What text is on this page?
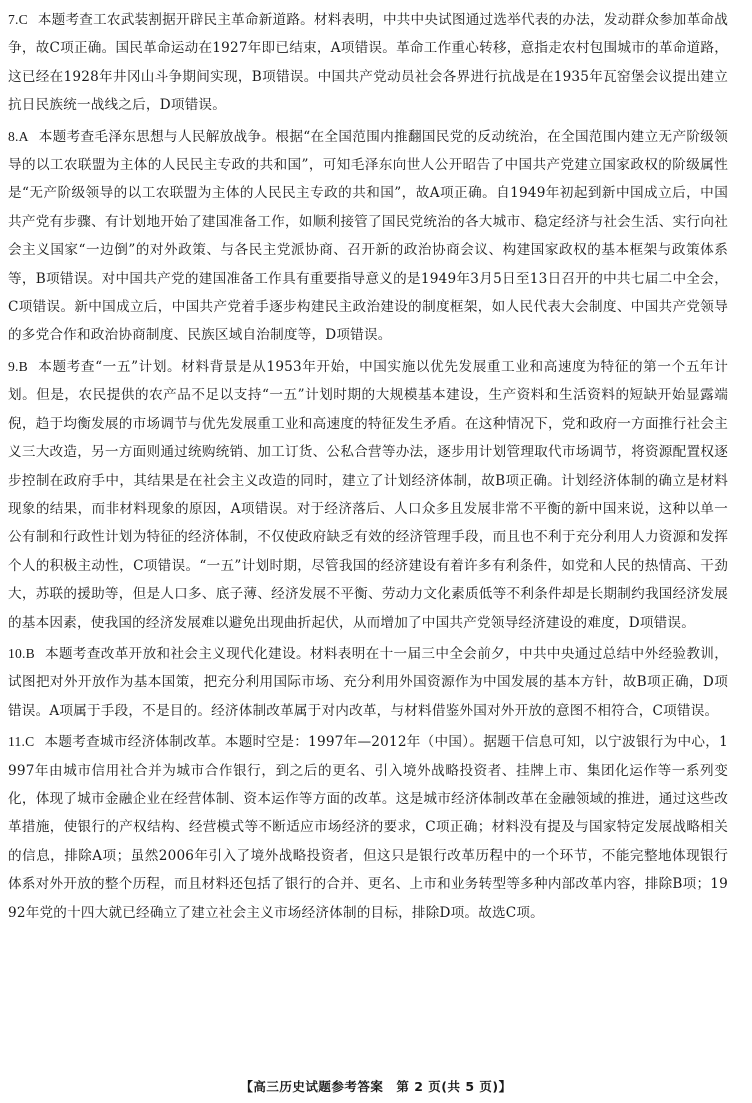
7.C 本题考查工农武装割据开辟民主革命新道路。材料表明，中共中央试图通过选举代表的办法，发动群众参加革命战争，故C项正确。国民革命运动在1927年即已结束，A项错误。革命工作重心转移，意指走农村包围城市的革命道路，这已经在1928年井冈山斗争期间实现，B项错误。中国共产党动员社会各界进行抗战是在1935年瓦窑堡会议提出建立抗日民族统一战线之后，D项错误。
8.A 本题考查毛泽东思想与人民解放战争。根据“在全国范围内推翻国民党的反动统治，在全国范围内建立无产阶级领导的以工农联盟为主体的人民民主专政的共和国”，可知毛泽东向世人公开昭告了中国共产党建立国家政权的阶级属性是“无产阶级领导的以工农联盟为主体的人民民主专政的共和国”，故A项正确。自1949年初起到新中国成立后，中国共产党有步骤、有计划地开始了建国准备工作，如顺利接管了国民党统治的各大城市、稳定经济与社会生活、实行向社会主义国家“一边倒”的对外政策、与各民主党派协商、召开新的政治协商会议、构建国家政权的基本框架与政策体系等，B项错误。对中国共产党的建国准备工作具有重要指导意义的是1949年3月5日至13日召开的中共七届二中全会，C项错误。新中国成立后，中国共产党着手逐步构建民主政治建设的制度框架，如人民代表大会制度、中国共产党领导的多党合作和政治协商制度、民族区域自治制度等，D项错误。
9.B 本题考查“一五”计划。材料背景是从1953年开始，中国实施以优先发展重工业和高速度为特征的第一个五年计划。但是，农民提供的农产品不足以支持“一五”计划时期的大规模基本建设，生产资料和生活资料的短缺开始显露端倪，趋于均衡发展的市场调节与优先发展重工业和高速度的特征发生矛盾。在这种情况下，党和政府一方面推行社会主义三大改造，另一方面则通过统购统销、加工订货、公私合营等办法，逐步用计划管理取代市场调节，将资源配置权逐步控制在政府手中，其结果是在社会主义改造的同时，建立了计划经济体制，故B项正确。计划经济体制的确立是材料现象的结果，而非材料现象的原因，A项错误。对于经济落后、人口众多且发展非常不平衡的新中国来说，这种以单一公有制和行政性计划为特征的经济体制，不仅使政府缺乏有效的经济管理手段，而且也不利于充分利用人力资源和发挥个人的积极主动性，C项错误。“一五”计划时期，尽管我国的经济建设有着许多有利条件，如党和人民的热情高、干劲大，苏联的援助等，但是人口多、底子薄、经济发展不平衡、劳动力文化素质低等不利条件却是长期制约我国经济发展的基本因素，使我国的经济发展难以避免出现曲折起伏，从而增加了中国共产党领导经济建设的难度，D项错误。
10.B 本题考查改革开放和社会主义现代化建设。材料表明在十一届三中全会前夕，中共中央通过总结中外经验教训，试图把对外开放作为基本国策，把充分利用国际市场、充分利用外国资源作为中国发展的基本方针，故B项正确，D项错误。A项属于手段，不是目的。经济体制改革属于对内改革，与材料借鉴外国对外开放的意图不相符合，C项错误。
11.C 本题考查城市经济体制改革。本题时空是：1997年—2012年（中国）。据题干信息可知，以宁波银行为中心，1997年由城市信用社合并为城市合作银行，到之后的更名、引入境外战略投资者、挂牌上市、集团化运作等一系列变化，体现了城市金融企业在经营体制、资本运作等方面的改革。这是城市经济体制改革在金融领域的推进，通过这些改革措施，使银行的产权结构、经营模式等不断适应市场经济的要求，C项正确；材料没有提及与国家特定发展战略相关的信息，排除A项；虽然2006年引入了境外战略投资者，但这只是银行改革历程中的一个环节，不能完整地体现银行体系对外开放的整个历程，而且材料还包括了银行的合并、更名、上市和业务转型等多种内部改革内容，排除B项；1992年党的十四大就已经确立了建立社会主义市场经济体制的目标，排除D项。故选C项。
【高三历史试题参考答案　第 2 页(共 5 页)】
